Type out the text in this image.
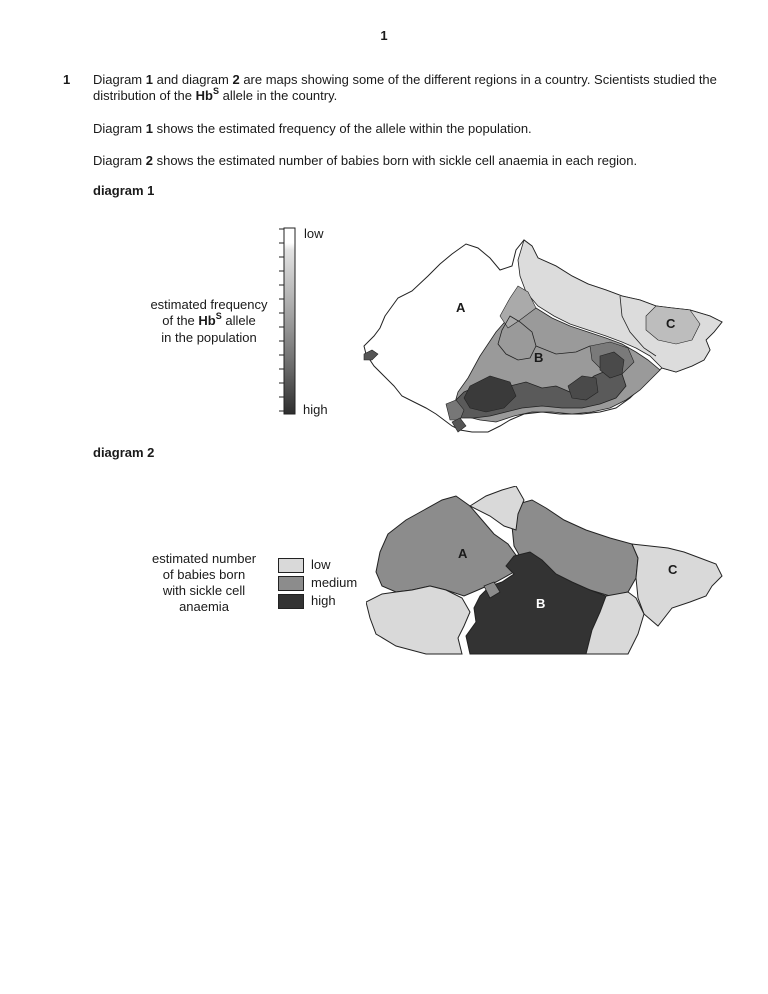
1
1 Diagram 1 and diagram 2 are maps showing some of the different regions in a country. Scientists studied the distribution of the $Hb^S$ allele in the country.
Diagram 1 shows the estimated frequency of the allele within the population.
Diagram 2 shows the estimated number of babies born with sickle cell anaemia in each region.
diagram 1
estimated frequency
of the $Hb^S$ allele
in the population
low
high
A
B
C
diagram 2
estimated number
of babies born
with sickle cell
anaemia
low
medium
high
A
B
C
